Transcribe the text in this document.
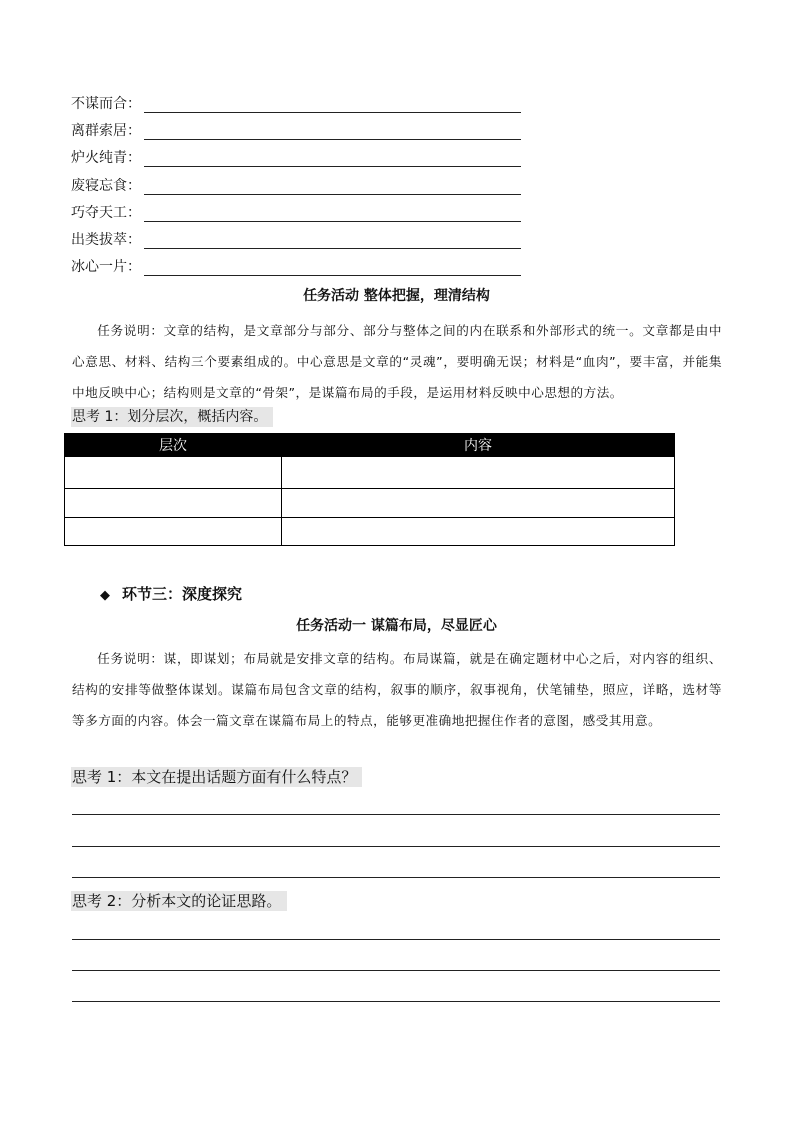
不谋而合：
离群索居：
炉火纯青：
废寝忘食：
巧夺天工：
出类拔萃：
冰心一片：
任务活动 整体把握，理清结构
任务说明：文章的结构，是文章部分与部分、部分与整体之间的内在联系和外部形式的统一。文章都是由中心意思、材料、结构三个要素组成的。中心意思是文章的“灵魂”，要明确无误；材料是“血肉”，要丰富，并能集中地反映中心；结构则是文章的“骨架”，是谋篇布局的手段，是运用材料反映中心思想的方法。
思考 1：划分层次，概括内容。
层次	内容

◆ 环节三：深度探究
任务活动一 谋篇布局，尽显匠心
任务说明：谋，即谋划；布局就是安排文章的结构。布局谋篇，就是在确定题材中心之后，对内容的组织、结构的安排等做整体谋划。谋篇布局包含文章的结构，叙事的顺序，叙事视角，伏笔铺垫，照应，详略，选材等等多方面的内容。体会一篇文章在谋篇布局上的特点，能够更准确地把握住作者的意图，感受其用意。
思考 1：本文在提出话题方面有什么特点？
思考 2：分析本文的论证思路。
